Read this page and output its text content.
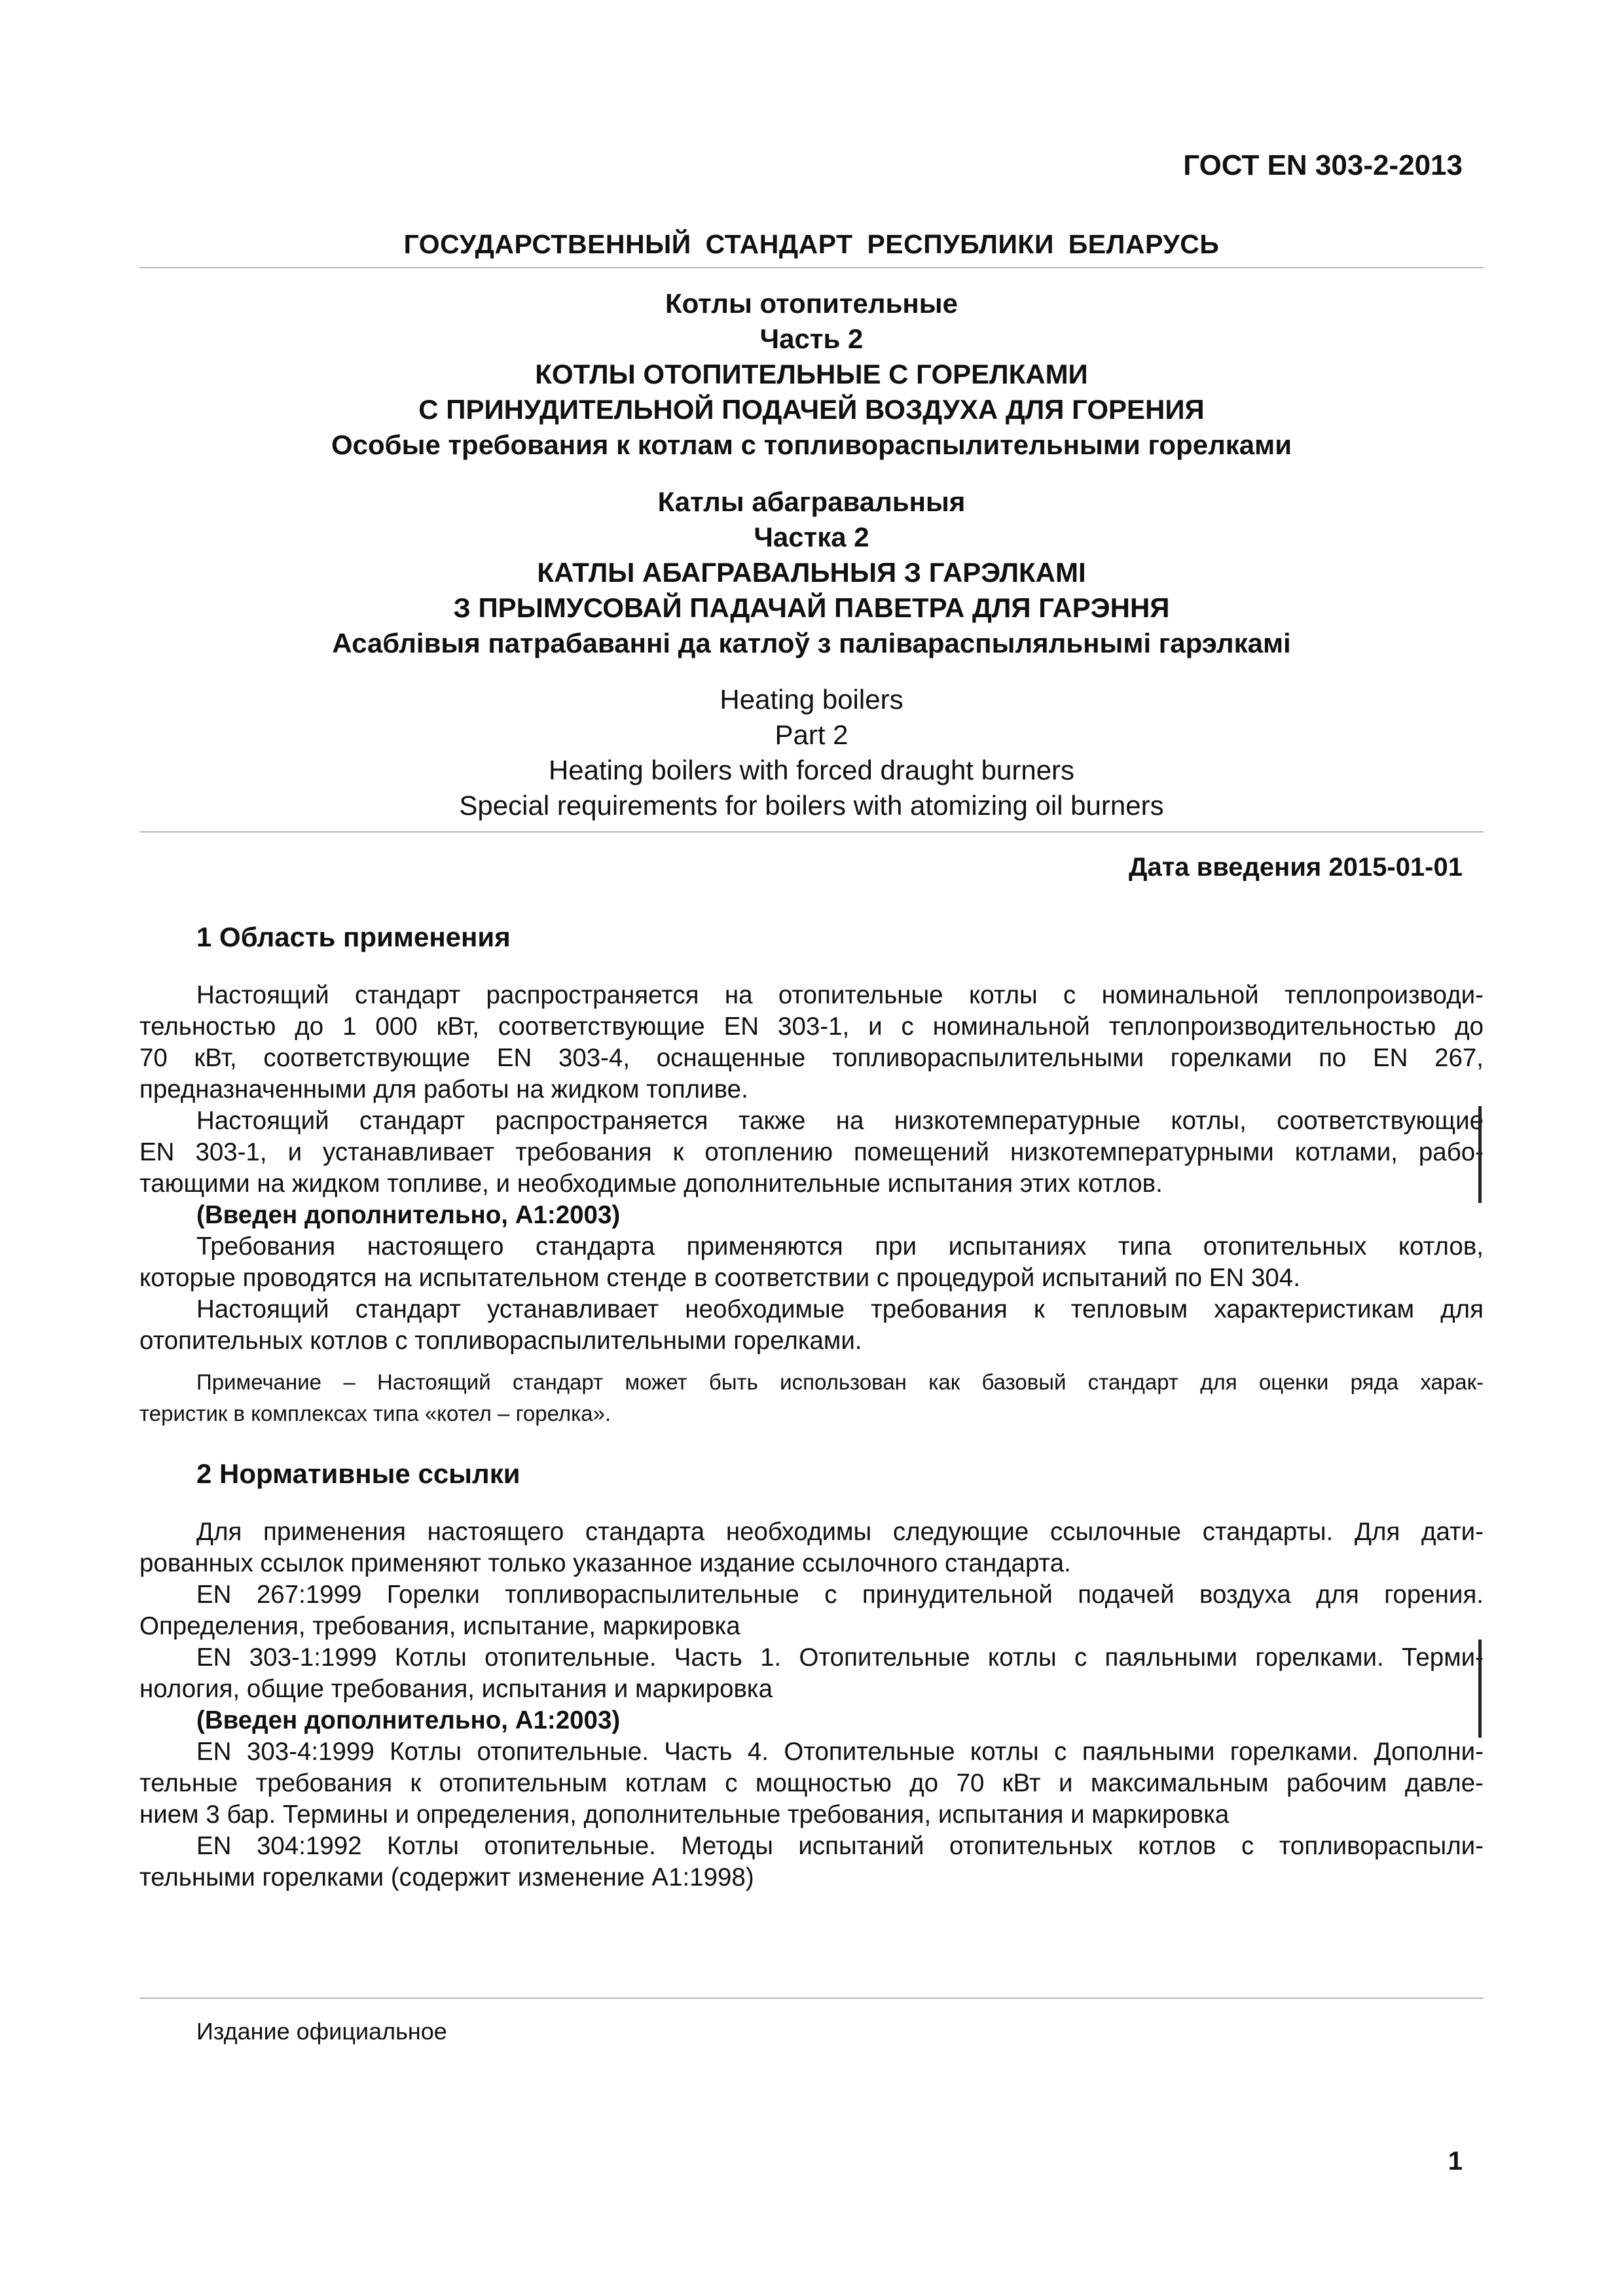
ГОСТ EN 303-2-2013
ГОСУДАРСТВЕННЫЙ СТАНДАРТ РЕСПУБЛИКИ БЕЛАРУСЬ
Котлы отопительные
Часть 2
КОТЛЫ ОТОПИТЕЛЬНЫЕ С ГОРЕЛКАМИ
С ПРИНУДИТЕЛЬНОЙ ПОДАЧЕЙ ВОЗДУХА ДЛЯ ГОРЕНИЯ
Особые требования к котлам с топливораспылительными горелками
Катлы абагравальныя
Частка 2
КАТЛЫ АБАГРАВАЛЬНЫЯ З ГАРЭЛКАМІ
З ПРЫМУСОВАЙ ПАДАЧАЙ ПАВЕТРА ДЛЯ ГАРЭННЯ
Асаблівыя патрабаванні да катлоў з палівараспыляльнымі гарэлкамі
Heating boilers
Part 2
Heating boilers with forced draught burners
Special requirements for boilers with atomizing oil burners
Дата введения 2015-01-01
1 Область применения
Настоящий стандарт распространяется на отопительные котлы с номинальной теплопроизводи-
тельностью до 1 000 кВт, соответствующие EN 303-1, и с номинальной теплопроизводительностью до
70 кВт, соответствующие EN 303-4, оснащенные топливораспылительными горелками по EN 267,
предназначенными для работы на жидком топливе.
Настоящий стандарт распространяется также на низкотемпературные котлы, соответствующие
EN 303-1, и устанавливает требования к отоплению помещений низкотемпературными котлами, рабо-
тающими на жидком топливе, и необходимые дополнительные испытания этих котлов.
(Введен дополнительно, А1:2003)
Требования настоящего стандарта применяются при испытаниях типа отопительных котлов,
которые проводятся на испытательном стенде в соответствии с процедурой испытаний по EN 304.
Настоящий стандарт устанавливает необходимые требования к тепловым характеристикам для
отопительных котлов с топливораспылительными горелками.
Примечание – Настоящий стандарт может быть использован как базовый стандарт для оценки ряда харак-
теристик в комплексах типа «котел – горелка».
2 Нормативные ссылки
Для применения настоящего стандарта необходимы следующие ссылочные стандарты. Для дати-
рованных ссылок применяют только указанное издание ссылочного стандарта.
EN 267:1999 Горелки топливораспылительные с принудительной подачей воздуха для горения.
Определения, требования, испытание, маркировка
EN 303-1:1999 Котлы отопительные. Часть 1. Отопительные котлы с паяльными горелками. Терми-
нология, общие требования, испытания и маркировка
(Введен дополнительно, А1:2003)
EN 303-4:1999 Котлы отопительные. Часть 4. Отопительные котлы с паяльными горелками. Дополни-
тельные требования к отопительным котлам с мощностью до 70 кВт и максимальным рабочим давле-
нием 3 бар. Термины и определения, дополнительные требования, испытания и маркировка
EN 304:1992 Котлы отопительные. Методы испытаний отопительных котлов с топливораспыли-
тельными горелками (содержит изменение A1:1998)
Издание официальное
1
